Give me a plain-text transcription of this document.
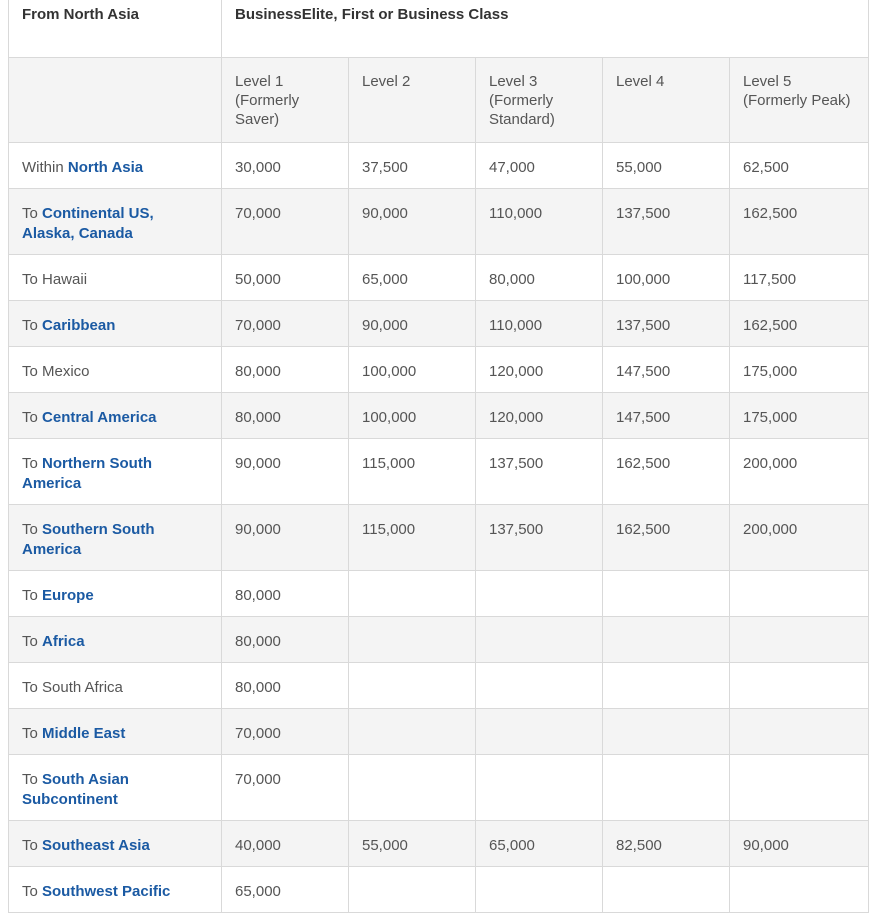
From North Asia	BusinessElite, First or Business Class				
	Level 1 (Formerly Saver)	Level 2	Level 3 (Formerly Standard)	Level 4	Level 5 (Formerly Peak)
Within North Asia	30,000	37,500	47,000	55,000	62,500
To Continental US, Alaska, Canada	70,000	90,000	110,000	137,500	162,500
To Hawaii	50,000	65,000	80,000	100,000	117,500
To Caribbean	70,000	90,000	110,000	137,500	162,500
To Mexico	80,000	100,000	120,000	147,500	175,000
To Central America	80,000	100,000	120,000	147,500	175,000
To Northern South America	90,000	115,000	137,500	162,500	200,000
To Southern South America	90,000	115,000	137,500	162,500	200,000
To Europe	80,000				
To Africa	80,000				
To South Africa	80,000				
To Middle East	70,000				
To South Asian Subcontinent	70,000				
To Southeast Asia	40,000	55,000	65,000	82,500	90,000
To Southwest Pacific	65,000				
